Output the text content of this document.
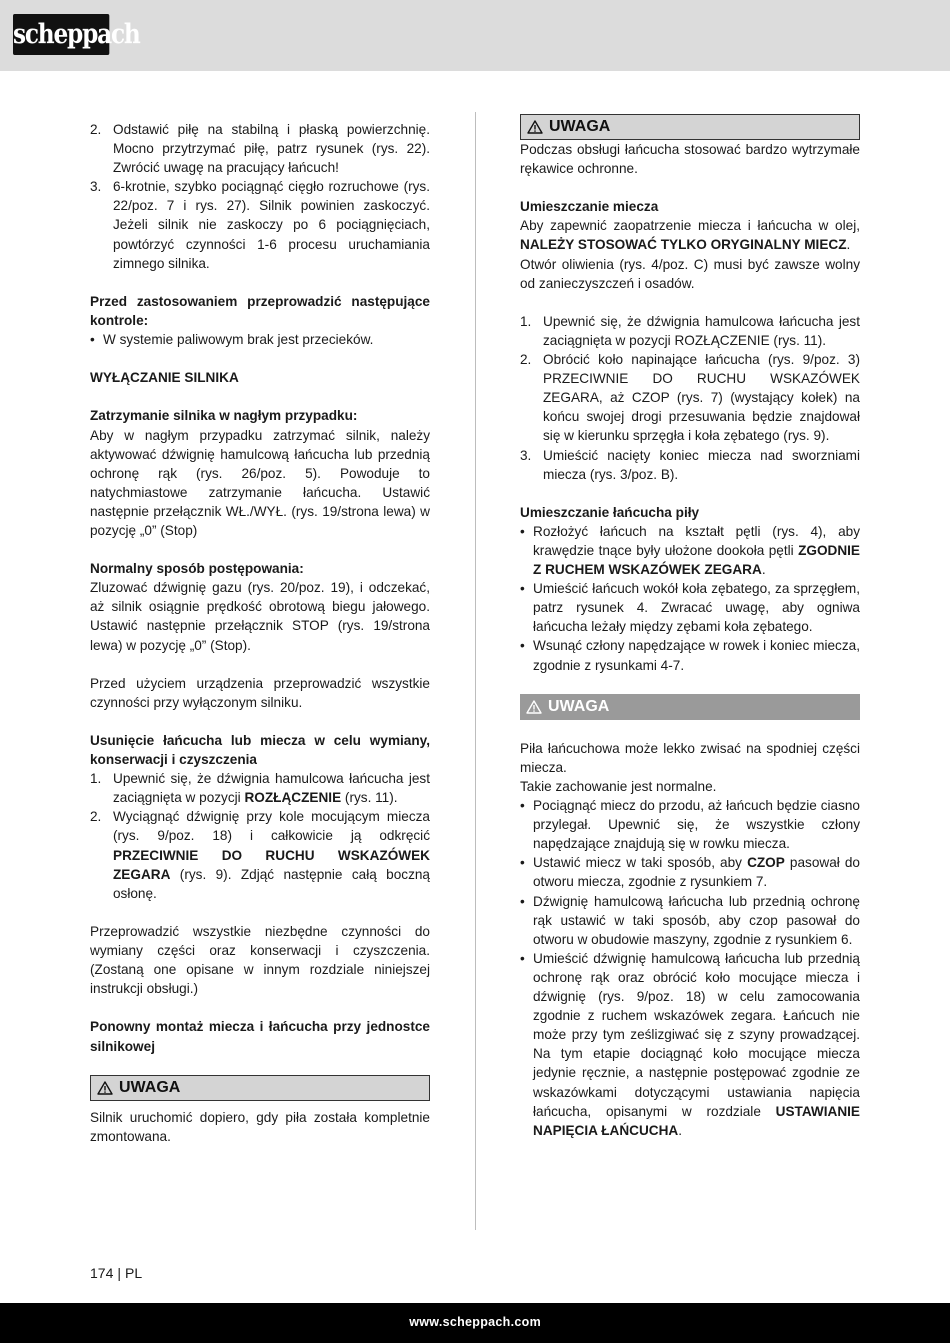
scheppach
2. Odstawić piłę na stabilną i płaską powierzchnię. Mocno przytrzymać piłę, patrz rysunek (rys. 22). Zwrócić uwagę na pracujący łańcuch!
3. 6-krotnie, szybko pociągnąć cięgło rozruchowe (rys. 22/poz. 7 i rys. 27). Silnik powinien zaskoczyć. Jeżeli silnik nie zaskoczy po 6 pociągnięciach, powtórzyć czynności 1-6 procesu uruchamiania zimnego silnika.

Przed zastosowaniem przeprowadzić następujące kontrole:

• W systemie paliwowym brak jest przecieków.

WYŁĄCZANIE SILNIKA

Zatrzymanie silnika w nagłym przypadku:

Aby w nagłym przypadku zatrzymać silnik, należy aktywować dźwignię hamulcową łańcucha lub przednią ochronę rąk (rys. 26/poz. 5). Powoduje to natychmiastowe zatrzymanie łańcucha. Ustawić następnie przełącznik WŁ./WYŁ. (rys. 19/strona lewa) w pozycję „0” (Stop)

Normalny sposób postępowania:

Zluzować dźwignię gazu (rys. 20/poz. 19), i odczekać, aż silnik osiągnie prędkość obrotową biegu jałowego. Ustawić następnie przełącznik STOP (rys. 19/strona lewa) w pozycję „0” (Stop).

Przed użyciem urządzenia przeprowadzić wszystkie czynności przy wyłączonym silniku.

Usunięcie łańcucha lub miecza w celu wymiany, konserwacji i czyszczenia

1. Upewnić się, że dźwignia hamulcowa łańcucha jest zaciągnięta w pozycji ROZŁĄCZENIE (rys. 11).
2. Wyciągnąć dźwignię przy kole mocującym miecza (rys. 9/poz. 18) i całkowicie ją odkręcić PRZECIWNIE DO RUCHU WSKAZÓWEK ZEGARA (rys. 9). Zdjąć następnie całą boczną osłonę.

Przeprowadzić wszystkie niezbędne czynności do wymiany części oraz konserwacji i czyszczenia. (Zostaną one opisane w innym rozdziale niniejszej instrukcji obsługi.)

Ponowny montaż miecza i łańcucha przy jednostce silnikowej

UWAGA

Silnik uruchomić dopiero, gdy piła została kompletnie zmontowana.

UWAGA

Podczas obsługi łańcucha stosować bardzo wytrzymałe rękawice ochronne.

Umieszczanie miecza

Aby zapewnić zaopatrzenie miecza i łańcucha w olej, NALEŻY STOSOWAĆ TYLKO ORYGINALNY MIECZ.

Otwór oliwienia (rys. 4/poz. C) musi być zawsze wolny od zanieczyszczeń i osadów.

1. Upewnić się, że dźwignia hamulcowa łańcucha jest zaciągnięta w pozycji ROZŁĄCZENIE (rys. 11).
2. Obrócić koło napinające łańcucha (rys. 9/poz. 3) PRZECIWNIE DO RUCHU WSKAZÓWEK ZEGARA, aż CZOP (rys. 7) (wystający kołek) na końcu swojej drogi przesuwania będzie znajdował się w kierunku sprzęgła i koła zębatego (rys. 9).
3. Umieścić nacięty koniec miecza nad sworzniami miecza (rys. 3/poz. B).

Umieszczanie łańcucha piły

• Rozłożyć łańcuch na kształt pętli (rys. 4), aby krawędzie tnące były ułożone dookoła pętli ZGODNIE Z RUCHEM WSKAZÓWEK ZEGARA.
• Umieścić łańcuch wokół koła zębatego, za sprzęgłem, patrz rysunek 4. Zwracać uwagę, aby ogniwa łańcucha leżały między zębami koła zębatego.
• Wsunąć człony napędzające w rowek i koniec miecza, zgodnie z rysunkami 4-7.
UWAGA

Piła łańcuchowa może lekko zwisać na spodniej części miecza.

Takie zachowanie jest normalne.

• Pociągnąć miecz do przodu, aż łańcuch będzie ciasno przylegał. Upewnić się, że wszystkie człony napędzające znajdują się w rowku miecza.
• Ustawić miecz w taki sposób, aby CZOP pasował do otworu miecza, zgodnie z rysunkiem 7.
• Dźwignię hamulcową łańcucha lub przednią ochronę rąk ustawić w taki sposób, aby czop pasował do otworu w obudowie maszyny, zgodnie z rysunkiem 6.
• Umieścić dźwignię hamulcową łańcucha lub przednią ochronę rąk oraz obrócić koło mocujące miecza i dźwignię (rys. 9/poz. 18) w celu zamocowania zgodnie z ruchem wskazówek zegara. Łańcuch nie może przy tym ześlizgiwać się z szyny prowadzącej. Na tym etapie dociągnąć koło mocujące miecza jedynie ręcznie, a następnie postępować zgodnie ze wskazówkami dotyczącymi ustawiania napięcia łańcucha, opisanymi w rozdziale USTAWIANIE NAPIĘCIA ŁAŃCUCHA.
174 | PL
www.scheppach.com
